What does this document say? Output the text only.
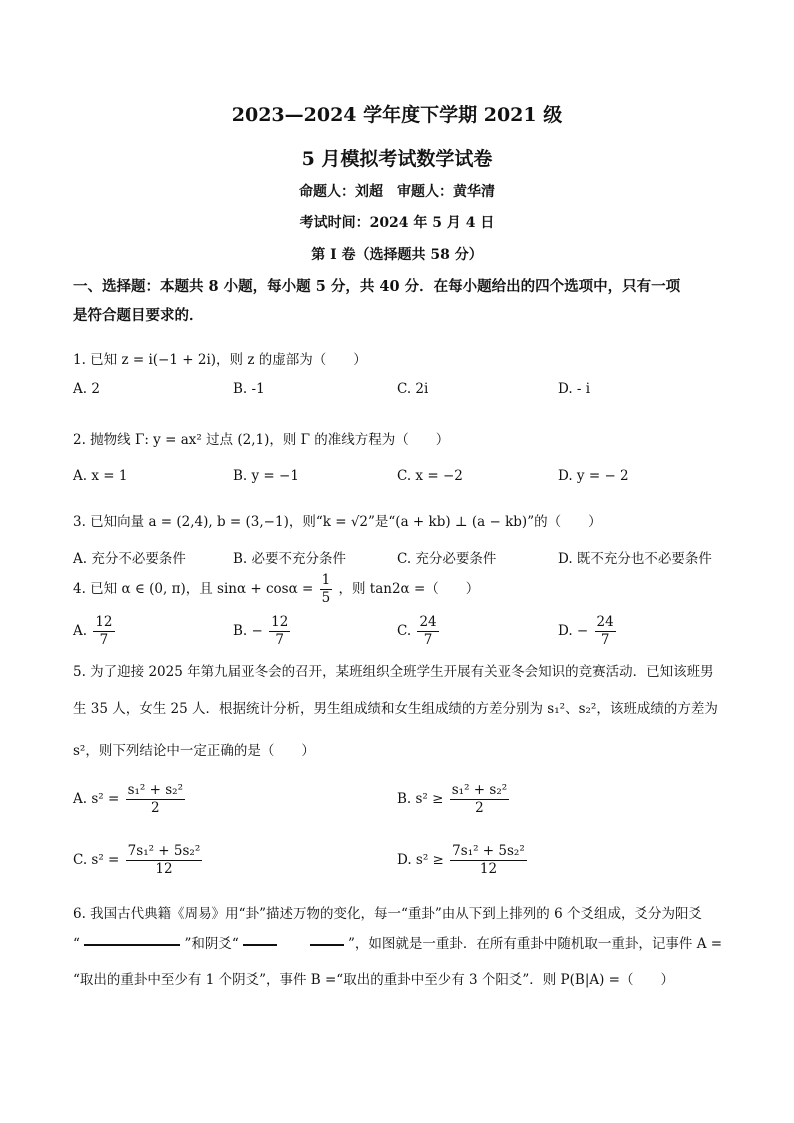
2023—2024 学年度下学期 2021 级
5 月模拟考试数学试卷
命题人：刘超　审题人：黄华清
考试时间：2024 年 5 月 4 日
第 I 卷（选择题共 58 分）
一、选择题：本题共 8 小题，每小题 5 分，共 40 分．在每小题给出的四个选项中，只有一项
是符合题目要求的．
1. 已知 z = i(−1 + 2i)，则 z 的虚部为（　　）
A. 2	B. -1	C. 2i	D. - i
2. 抛物线 Γ: y = ax² 过点 (2,1)，则 Γ 的准线方程为（　　）
A. x = 1	B. y = −1	C. x = −2	D. y = − 2
3. 已知向量 a = (2,4), b = (3,−1)，则“k = √2”是“(a + kb) ⊥ (a − kb)”的（　　）
A. 充分不必要条件	B. 必要不充分条件	C. 充分必要条件	D. 既不充分也不必要条件
4. 已知 α ∈ (0, π)，且 $\sin\alpha + \cos\alpha = \frac{1}{5}$ ，则 tan2α =（　　）
A. $\frac{12}{7}$	B. − $\frac{12}{7}$	C. $\frac{24}{7}$	D. − $\frac{24}{7}$
5. 为了迎接 2025 年第九届亚冬会的召开，某班组织全班学生开展有关亚冬会知识的竞赛活动．已知该班男
生 35 人，女生 25 人．根据统计分析，男生组成绩和女生组成绩的方差分别为 s₁²、s₂²，该班成绩的方差为
s²，则下列结论中一定正确的是（　　）
A. $s^2 = \frac{\text{s₁² + s₂²}}{2}$	B. $s^2 \ge \frac{\text{s₁² + s₂²}}{2}$
C. $s^2 = \frac{\text{7s₁² + 5s₂²}}{12}$	D. $s^2 \ge \frac{\text{7s₁² + 5s₂²}}{12}$
6. 我国古代典籍《周易》用“卦”描述万物的变化，每一“重卦”由从下到上排列的 6 个爻组成，爻分为阳爻
“	”和阴爻“	”，如图就是一重卦．在所有重卦中随机取一重卦，记事件 A =
“取出的重卦中至少有 1 个阴爻”，事件 B =“取出的重卦中至少有 3 个阳爻”．则 P(B|A) =（　　）
